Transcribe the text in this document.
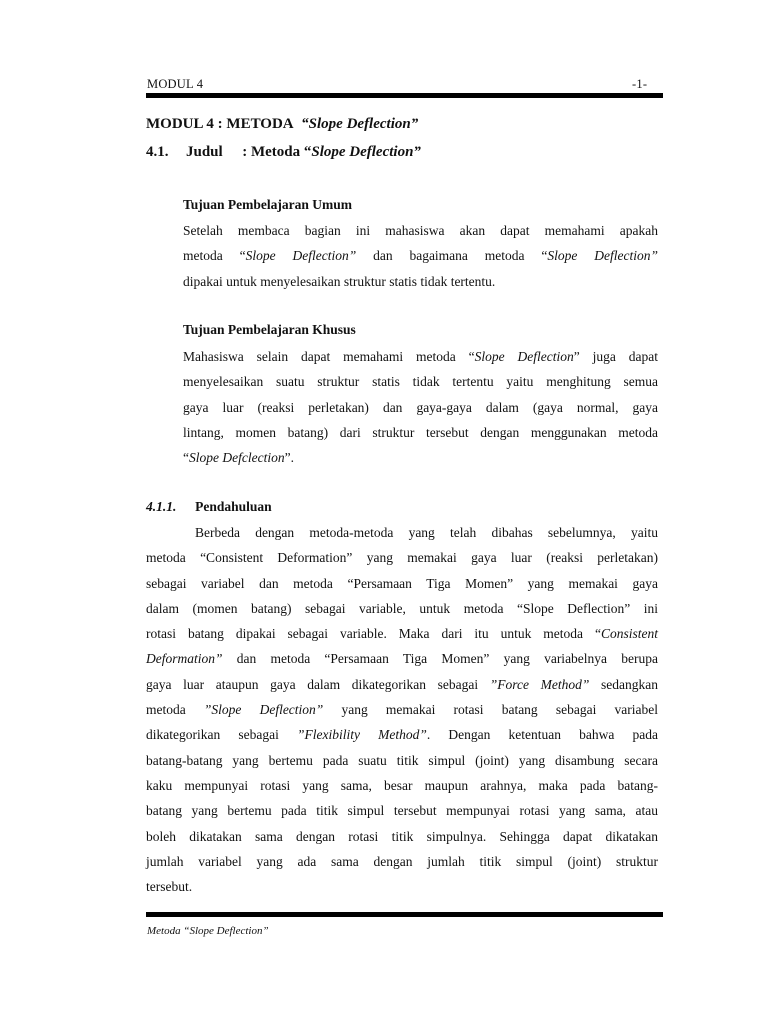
MODUL 4	-1-
MODUL 4 : METODA  “Slope Deflection”
4.1. Judul : Metoda “Slope Deflection”
Tujuan Pembelajaran Umum
Setelah membaca bagian ini mahasiswa akan dapat memahami apakah
metoda “Slope Deflection” dan bagaimana metoda “Slope Deflection”
dipakai untuk menyelesaikan struktur statis tidak tertentu.
Tujuan Pembelajaran Khusus
Mahasiswa selain dapat memahami metoda “Slope Deflection” juga dapat
menyelesaikan suatu struktur statis tidak tertentu yaitu menghitung semua
gaya luar (reaksi perletakan) dan gaya-gaya dalam (gaya normal, gaya
lintang, momen batang) dari struktur tersebut dengan menggunakan metoda
“Slope Defclection”.
4.1.1. Pendahuluan
Berbeda dengan metoda-metoda yang telah dibahas sebelumnya, yaitu
metoda “Consistent Deformation” yang memakai gaya luar (reaksi perletakan)
sebagai variabel dan metoda “Persamaan Tiga Momen” yang memakai gaya
dalam (momen batang) sebagai variable, untuk metoda “Slope Deflection” ini
rotasi batang dipakai sebagai variable. Maka dari itu untuk metoda “Consistent
Deformation” dan metoda “Persamaan Tiga Momen” yang variabelnya berupa
gaya luar ataupun gaya dalam dikategorikan sebagai ”Force Method” sedangkan
metoda ”Slope Deflection” yang memakai rotasi batang sebagai variabel
dikategorikan sebagai ”Flexibility Method”. Dengan ketentuan bahwa pada
batang-batang yang bertemu pada suatu titik simpul (joint) yang disambung secara
kaku mempunyai rotasi yang sama, besar maupun arahnya, maka pada batang-
batang yang bertemu pada titik simpul tersebut mempunyai rotasi yang sama, atau
boleh dikatakan sama dengan rotasi titik simpulnya. Sehingga dapat dikatakan
jumlah variabel yang ada sama dengan jumlah titik simpul (joint) struktur
tersebut.
Metoda “Slope Deflection”
